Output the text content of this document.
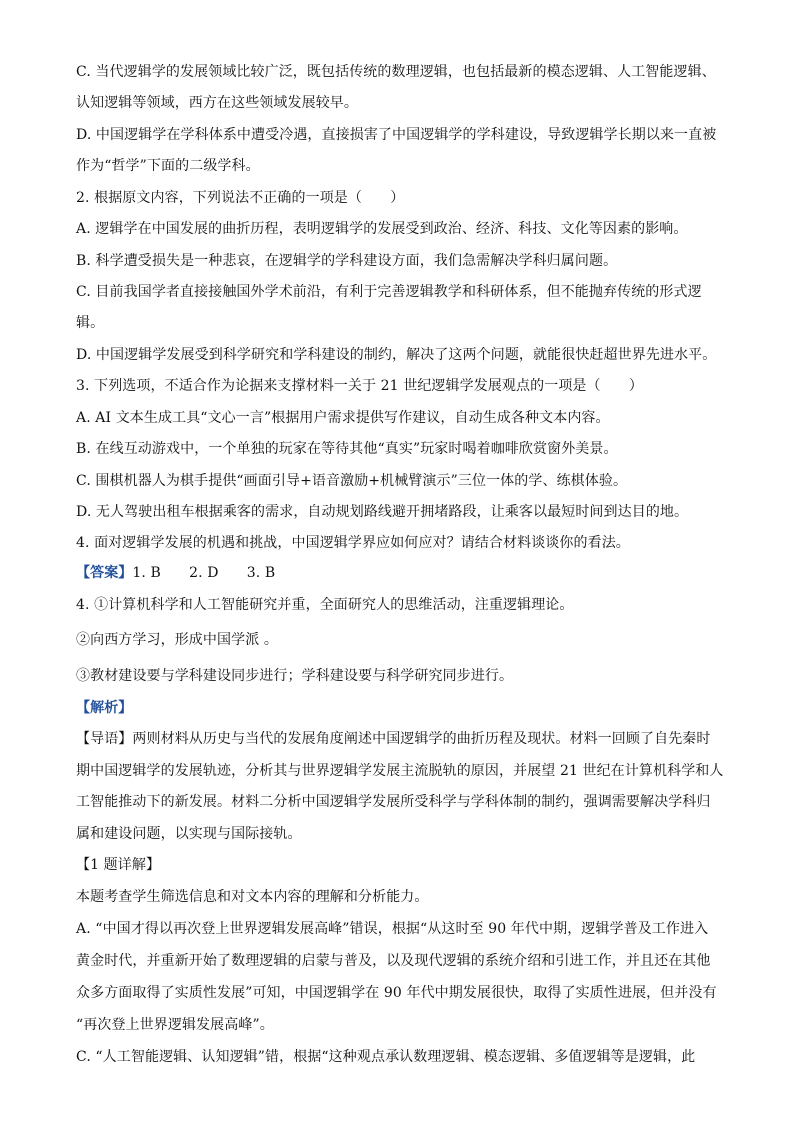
C. 当代逻辑学的发展领域比较广泛，既包括传统的数理逻辑，也包括最新的模态逻辑、人工智能逻辑、
认知逻辑等领域，西方在这些领域发展较早。
D. 中国逻辑学在学科体系中遭受冷遇，直接损害了中国逻辑学的学科建设，导致逻辑学长期以来一直被
作为“哲学”下面的二级学科。
2. 根据原文内容，下列说法不正确的一项是（　　）
A. 逻辑学在中国发展的曲折历程，表明逻辑学的发展受到政治、经济、科技、文化等因素的影响。
B. 科学遭受损失是一种悲哀，在逻辑学的学科建设方面，我们急需解决学科归属问题。
C. 目前我国学者直接接触国外学术前沿，有利于完善逻辑教学和科研体系，但不能抛弃传统的形式逻
辑。
D. 中国逻辑学发展受到科学研究和学科建设的制约，解决了这两个问题，就能很快赶超世界先进水平。
3. 下列选项，不适合作为论据来支撑材料一关于 21 世纪逻辑学发展观点的一项是（　　）
A. AI 文本生成工具“文心一言”根据用户需求提供写作建议，自动生成各种文本内容。
B. 在线互动游戏中，一个单独的玩家在等待其他“真实”玩家时喝着咖啡欣赏窗外美景。
C. 围棋机器人为棋手提供“画面引导+语音激励+机械臂演示”三位一体的学、练棋体验。
D. 无人驾驶出租车根据乘客的需求，自动规划路线避开拥堵路段，让乘客以最短时间到达目的地。
4. 面对逻辑学发展的机遇和挑战，中国逻辑学界应如何应对？请结合材料谈谈你的看法。
【答案】1. B　　2. D　　3. B
4. ①计算机科学和人工智能研究并重，全面研究人的思维活动，注重逻辑理论。
②向西方学习，形成中国学派 。
③教材建设要与学科建设同步进行；学科建设要与科学研究同步进行。
【解析】
【导语】两则材料从历史与当代的发展角度阐述中国逻辑学的曲折历程及现状。材料一回顾了自先秦时
期中国逻辑学的发展轨迹，分析其与世界逻辑学发展主流脱轨的原因，并展望 21 世纪在计算机科学和人
工智能推动下的新发展。材料二分析中国逻辑学发展所受科学与学科体制的制约，强调需要解决学科归
属和建设问题，以实现与国际接轨。
【1 题详解】
本题考查学生筛选信息和对文本内容的理解和分析能力。
A. “中国才得以再次登上世界逻辑发展高峰”错误，根据“从这时至 90 年代中期，逻辑学普及工作进入
黄金时代，并重新开始了数理逻辑的启蒙与普及，以及现代逻辑的系统介绍和引进工作，并且还在其他
众多方面取得了实质性发展”可知，中国逻辑学在 90 年代中期发展很快，取得了实质性进展，但并没有
“再次登上世界逻辑发展高峰”。
C. “人工智能逻辑、认知逻辑”错，根据“这种观点承认数理逻辑、模态逻辑、多值逻辑等是逻辑，此
